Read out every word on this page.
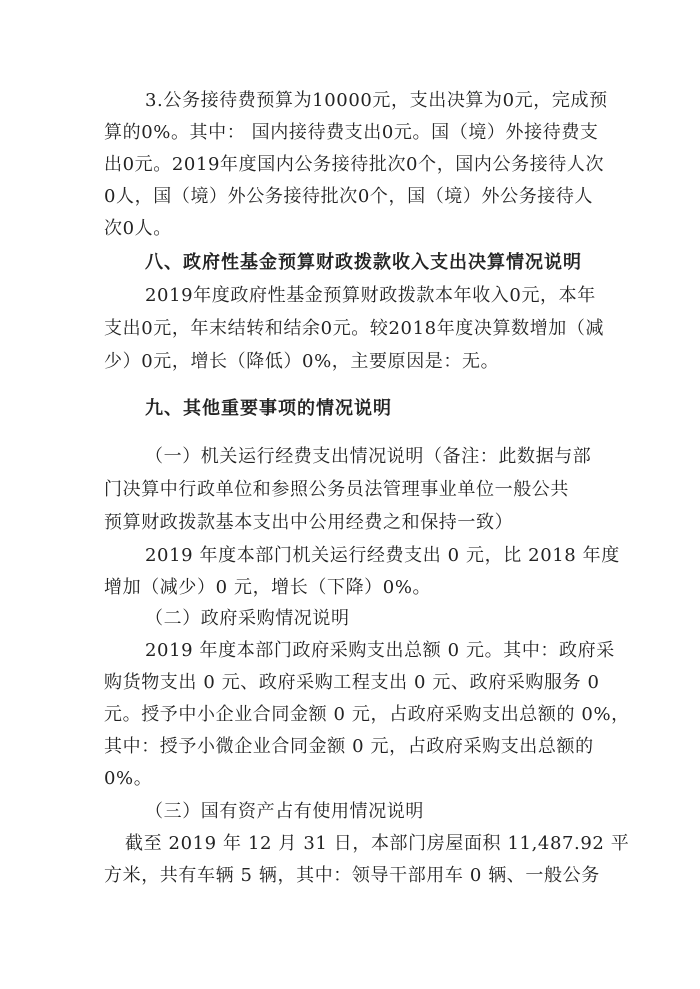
3.公务接待费预算为10000元，支出决算为0元，完成预
算的0%。其中： 国内接待费支出0元。国（境）外接待费支
出0元。2019年度国内公务接待批次0个，国内公务接待人次
0人，国（境）外公务接待批次0个，国（境）外公务接待人
次0人。
八、政府性基金预算财政拨款收入支出决算情况说明
2019年度政府性基金预算财政拨款本年收入0元，本年
支出0元，年末结转和结余0元。较2018年度决算数增加（减
少）0元，增长（降低）0%，主要原因是：无。
九、其他重要事项的情况说明
（一）机关运行经费支出情况说明（备注：此数据与部
门决算中行政单位和参照公务员法管理事业单位一般公共
预算财政拨款基本支出中公用经费之和保持一致）
2019 年度本部门机关运行经费支出 0 元，比 2018 年度
增加（减少）0 元，增长（下降）0%。
（二）政府采购情况说明
2019 年度本部门政府采购支出总额 0 元。其中：政府采
购货物支出 0 元、政府采购工程支出 0 元、政府采购服务 0
元。授予中小企业合同金额 0 元，占政府采购支出总额的 0%，
其中：授予小微企业合同金额 0 元，占政府采购支出总额的
0%。
（三）国有资产占有使用情况说明
截至 2019 年 12 月 31 日，本部门房屋面积 11,487.92 平
方米，共有车辆 5 辆，其中：领导干部用车 0 辆、一般公务
